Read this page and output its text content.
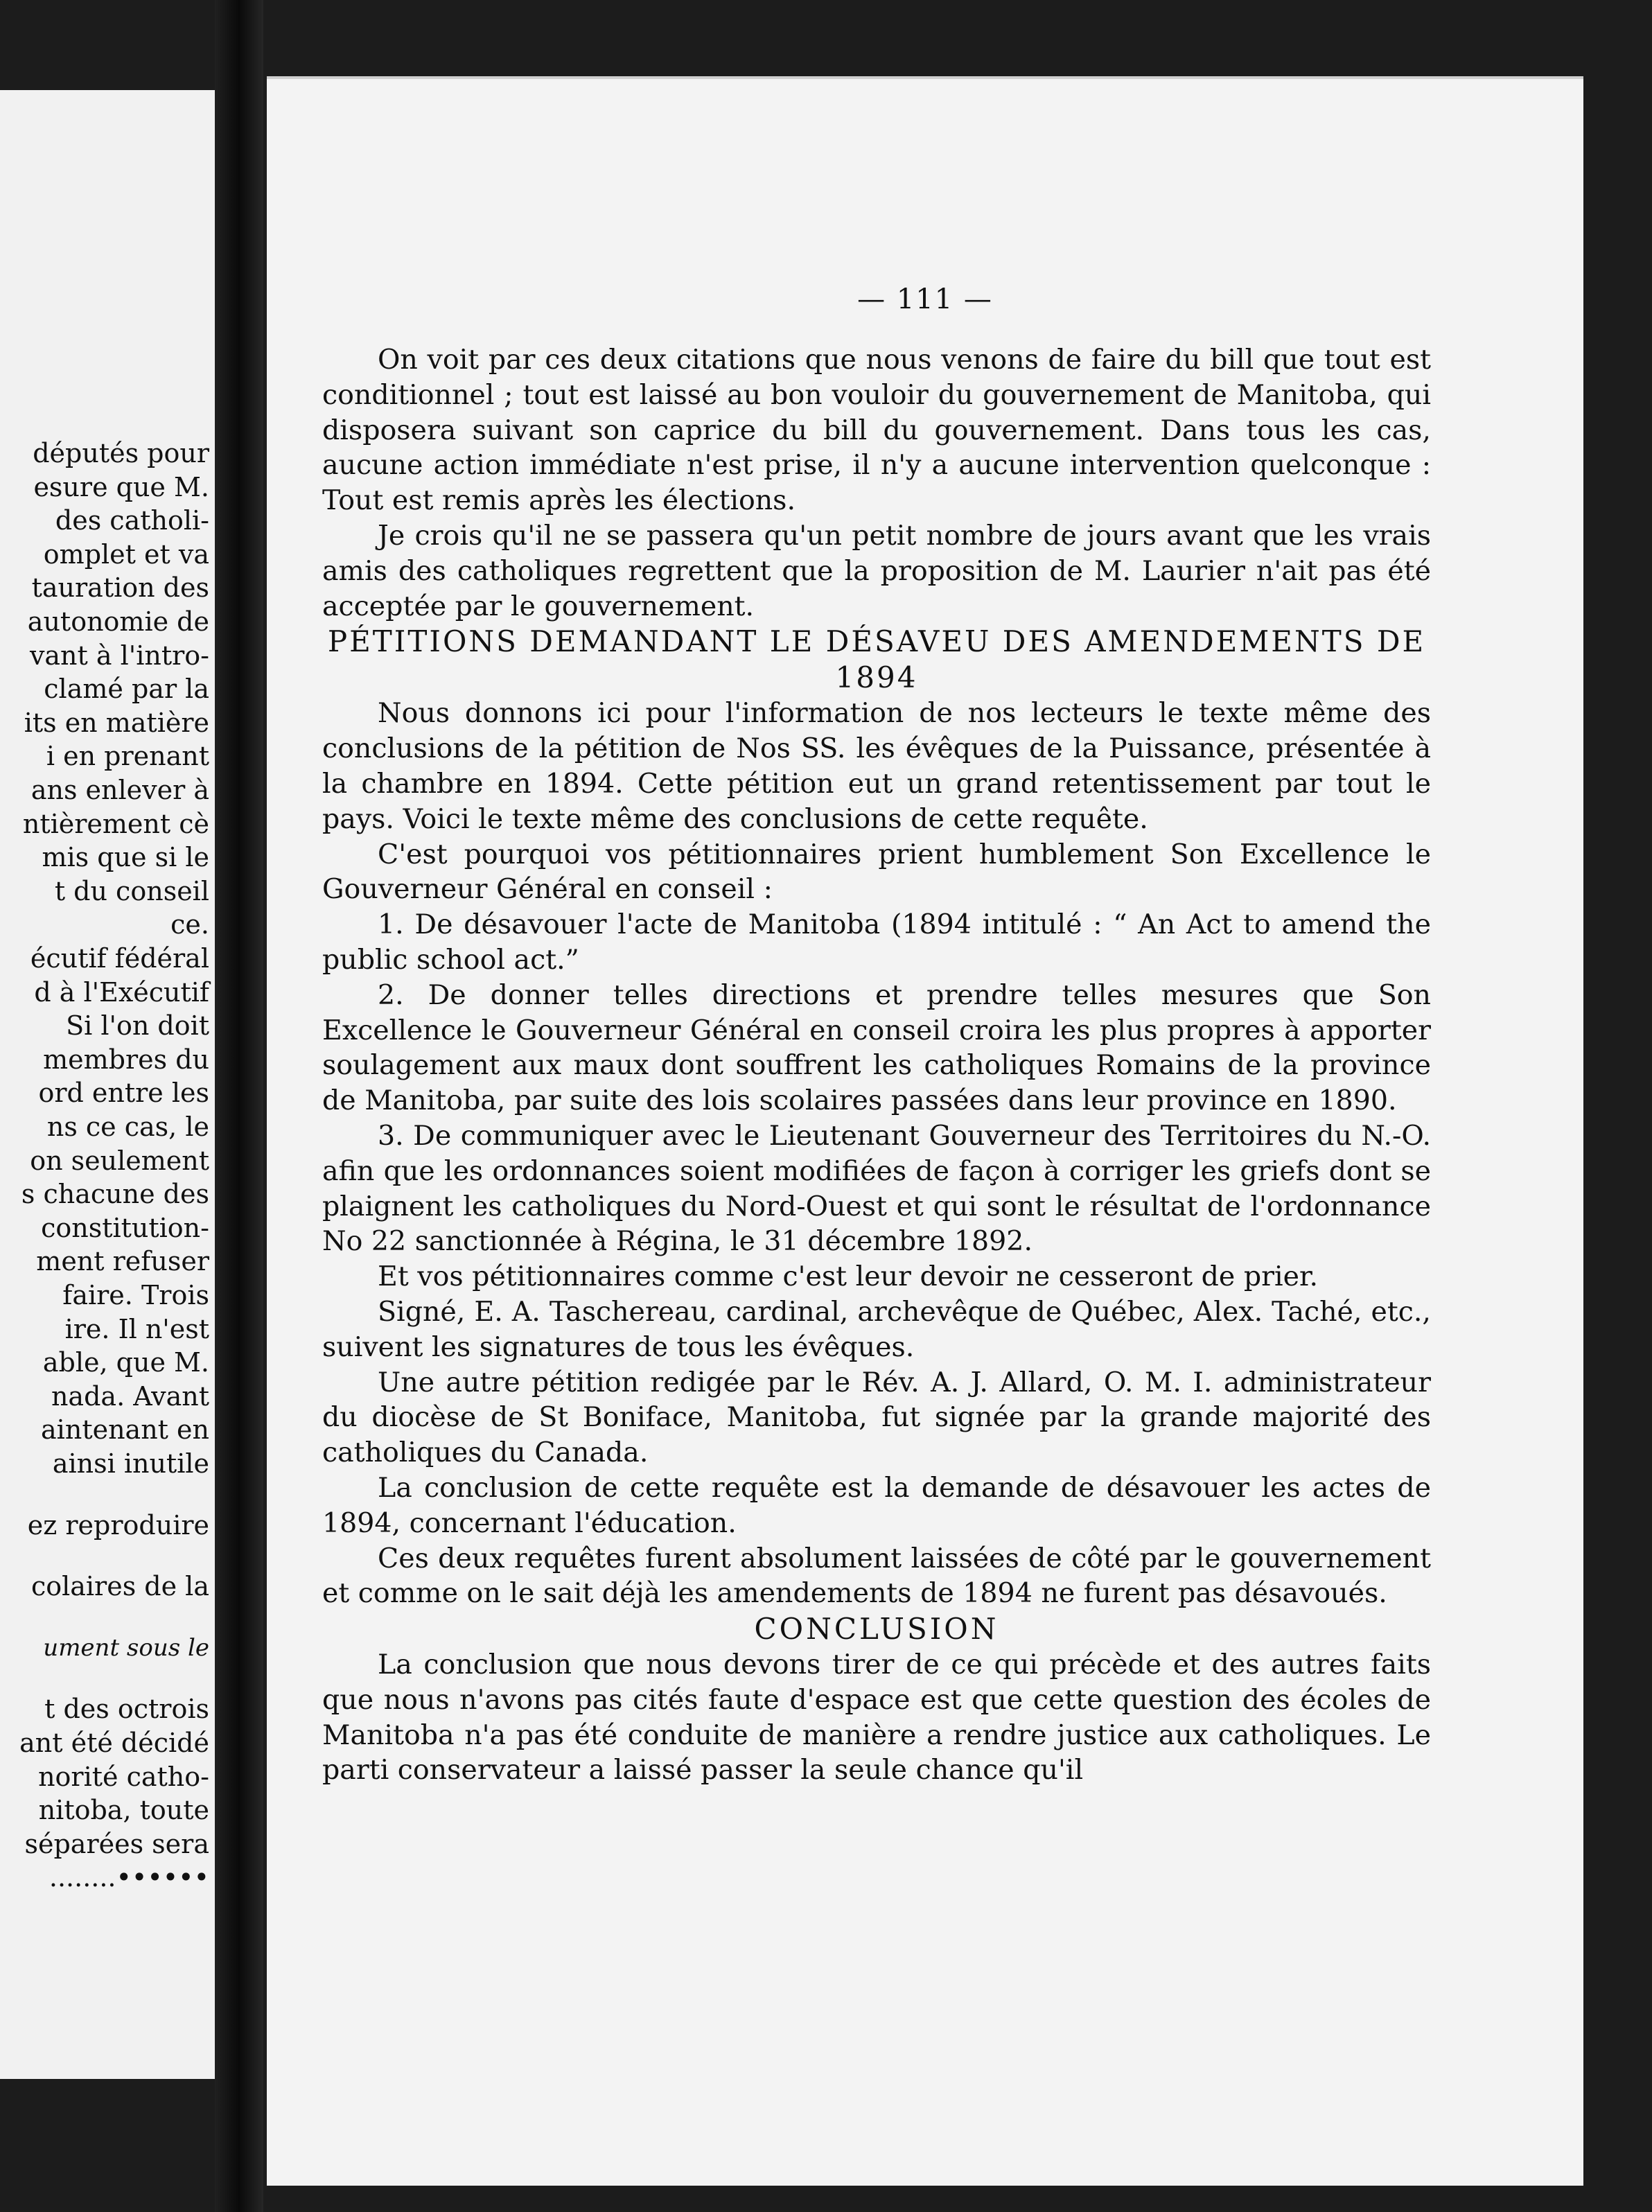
députés pour
esure que M.
des catholi-
omplet et va
tauration des
autonomie de
vant à l'intro-
clamé par la
its en matière
i en prenant
ans enlever à
ntièrement cè
mis que si le
t du conseil
ce.
écutif fédéral
d à l'Exécutif
Si l'on doit
membres du
ord entre les
ns ce cas, le
on seulement
s chacune des
constitution-
ment refuser
faire. Trois
ire. Il n'est
able, que M.
nada. Avant
aintenant en
ainsi inutile
ez reproduire
colaires de la
ument sous le
t des octrois
ant été décidé
norité catho-
nitoba, toute
séparées sera
........••••••
— 111 —

On voit par ces deux citations que nous venons de faire du bill que tout est conditionnel ; tout est laissé au bon vouloir du gouvernement de Manitoba, qui disposera suivant son caprice du bill du gouvernement. Dans tous les cas, aucune action immédiate n'est prise, il n'y a aucune intervention quelconque : Tout est remis après les élections.

Je crois qu'il ne se passera qu'un petit nombre de jours avant que les vrais amis des catholiques regrettent que la proposition de M. Laurier n'ait pas été acceptée par le gouvernement.

PÉTITIONS DEMANDANT LE DÉSAVEU DES AMENDEMENTS DE 1894

Nous donnons ici pour l'information de nos lecteurs le texte même des conclusions de la pétition de Nos SS. les évêques de la Puissance, présentée à la chambre en 1894. Cette pétition eut un grand retentissement par tout le pays. Voici le texte même des conclusions de cette requête.

C'est pourquoi vos pétitionnaires prient humblement Son Excellence le Gouverneur Général en conseil :

1. De désavouer l'acte de Manitoba (1894 intitulé : “ An Act to amend the public school act.”

2. De donner telles directions et prendre telles mesures que Son Excellence le Gouverneur Général en conseil croira les plus propres à apporter soulagement aux maux dont souffrent les catholiques Romains de la province de Manitoba, par suite des lois scolaires passées dans leur province en 1890.

3. De communiquer avec le Lieutenant Gouverneur des Territoires du N.-O. afin que les ordonnances soient modifiées de façon à corriger les griefs dont se plaignent les catholiques du Nord-Ouest et qui sont le résultat de l'ordonnance No 22 sanctionnée à Régina, le 31 décembre 1892.

Et vos pétitionnaires comme c'est leur devoir ne cesseront de prier.

Signé, E. A. Taschereau, cardinal, archevêque de Québec, Alex. Taché, etc., suivent les signatures de tous les évêques.

Une autre pétition redigée par le Rév. A. J. Allard, O. M. I. administrateur du diocèse de St Boniface, Manitoba, fut signée par la grande majorité des catholiques du Canada.

La conclusion de cette requête est la demande de désavouer les actes de 1894, concernant l'éducation.

Ces deux requêtes furent absolument laissées de côté par le gouvernement et comme on le sait déjà les amendements de 1894 ne furent pas désavoués.

CONCLUSION

La conclusion que nous devons tirer de ce qui précède et des autres faits que nous n'avons pas cités faute d'espace est que cette question des écoles de Manitoba n'a pas été conduite de manière a rendre justice aux catholiques. Le parti conservateur a laissé passer la seule chance qu'il
